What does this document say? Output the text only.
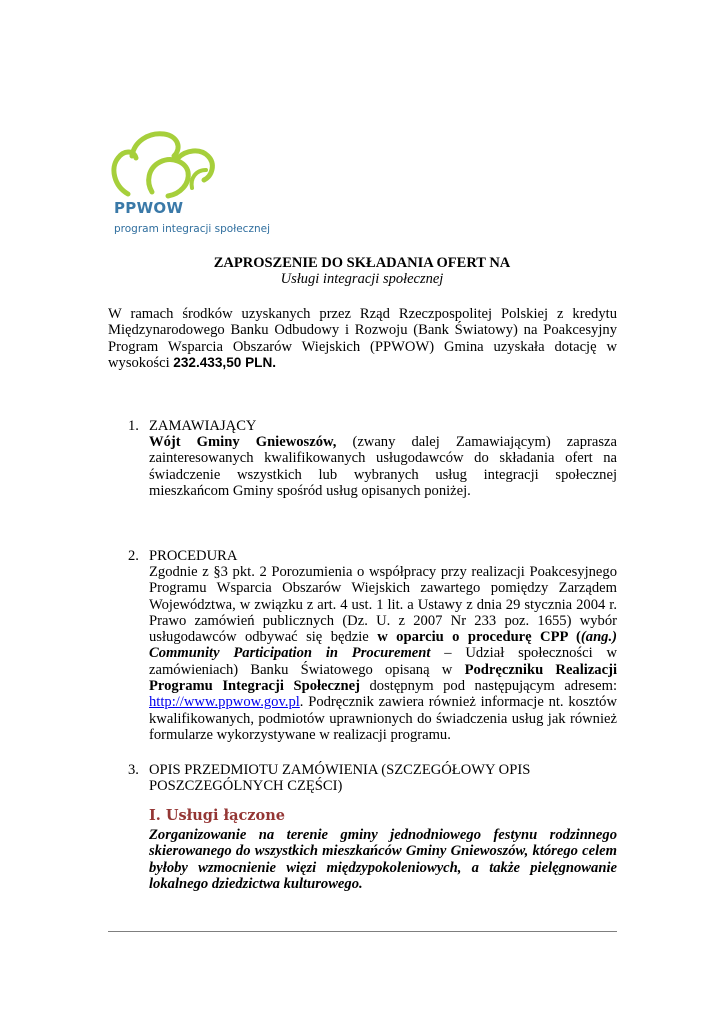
PPWOW
program integracji społecznej
ZAPROSZENIE DO SKŁADANIA OFERT NA
Usługi integracji społecznej
W ramach środków uzyskanych przez Rząd Rzeczpospolitej Polskiej z kredytu Międzynarodowego Banku Odbudowy i Rozwoju (Bank Światowy) na Poakcesyjny Program Wsparcia Obszarów Wiejskich (PPWOW) Gmina uzyskała dotację w wysokości 232.433,50 PLN.
1. ZAMAWIAJĄCY
Wójt Gminy Gniewoszów, (zwany dalej Zamawiającym) zaprasza zainteresowanych kwalifikowanych usługodawców do składania ofert na świadczenie wszystkich lub wybranych usług integracji społecznej mieszkańcom Gminy spośród usług opisanych poniżej.
2. PROCEDURA
Zgodnie z §3 pkt. 2 Porozumienia o współpracy przy realizacji Poakcesyjnego Programu Wsparcia Obszarów Wiejskich zawartego pomiędzy Zarządem Województwa, w związku z art. 4 ust. 1 lit. a Ustawy z dnia 29 stycznia 2004 r. Prawo zamówień publicznych (Dz. U. z 2007 Nr 233 poz. 1655) wybór usługodawców odbywać się będzie w oparciu o procedurę CPP ((ang.) Community Participation in Procurement – Udział społeczności w zamówieniach) Banku Światowego opisaną w Podręczniku Realizacji Programu Integracji Społecznej dostępnym pod następującym adresem: http://www.ppwow.gov.pl. Podręcznik zawiera również informacje nt. kosztów kwalifikowanych, podmiotów uprawnionych do świadczenia usług jak również formularze wykorzystywane w realizacji programu.
3. OPIS PRZEDMIOTU ZAMÓWIENIA (SZCZEGÓŁOWY OPIS
POSZCZEGÓLNYCH CZĘŚCI)
I. Usługi łączone
Zorganizowanie na terenie gminy jednodniowego festynu rodzinnego skierowanego do wszystkich mieszkańców Gminy Gniewoszów, którego celem byłoby wzmocnienie więzi międzypokoleniowych, a także pielęgnowanie lokalnego dziedzictwa kulturowego.
